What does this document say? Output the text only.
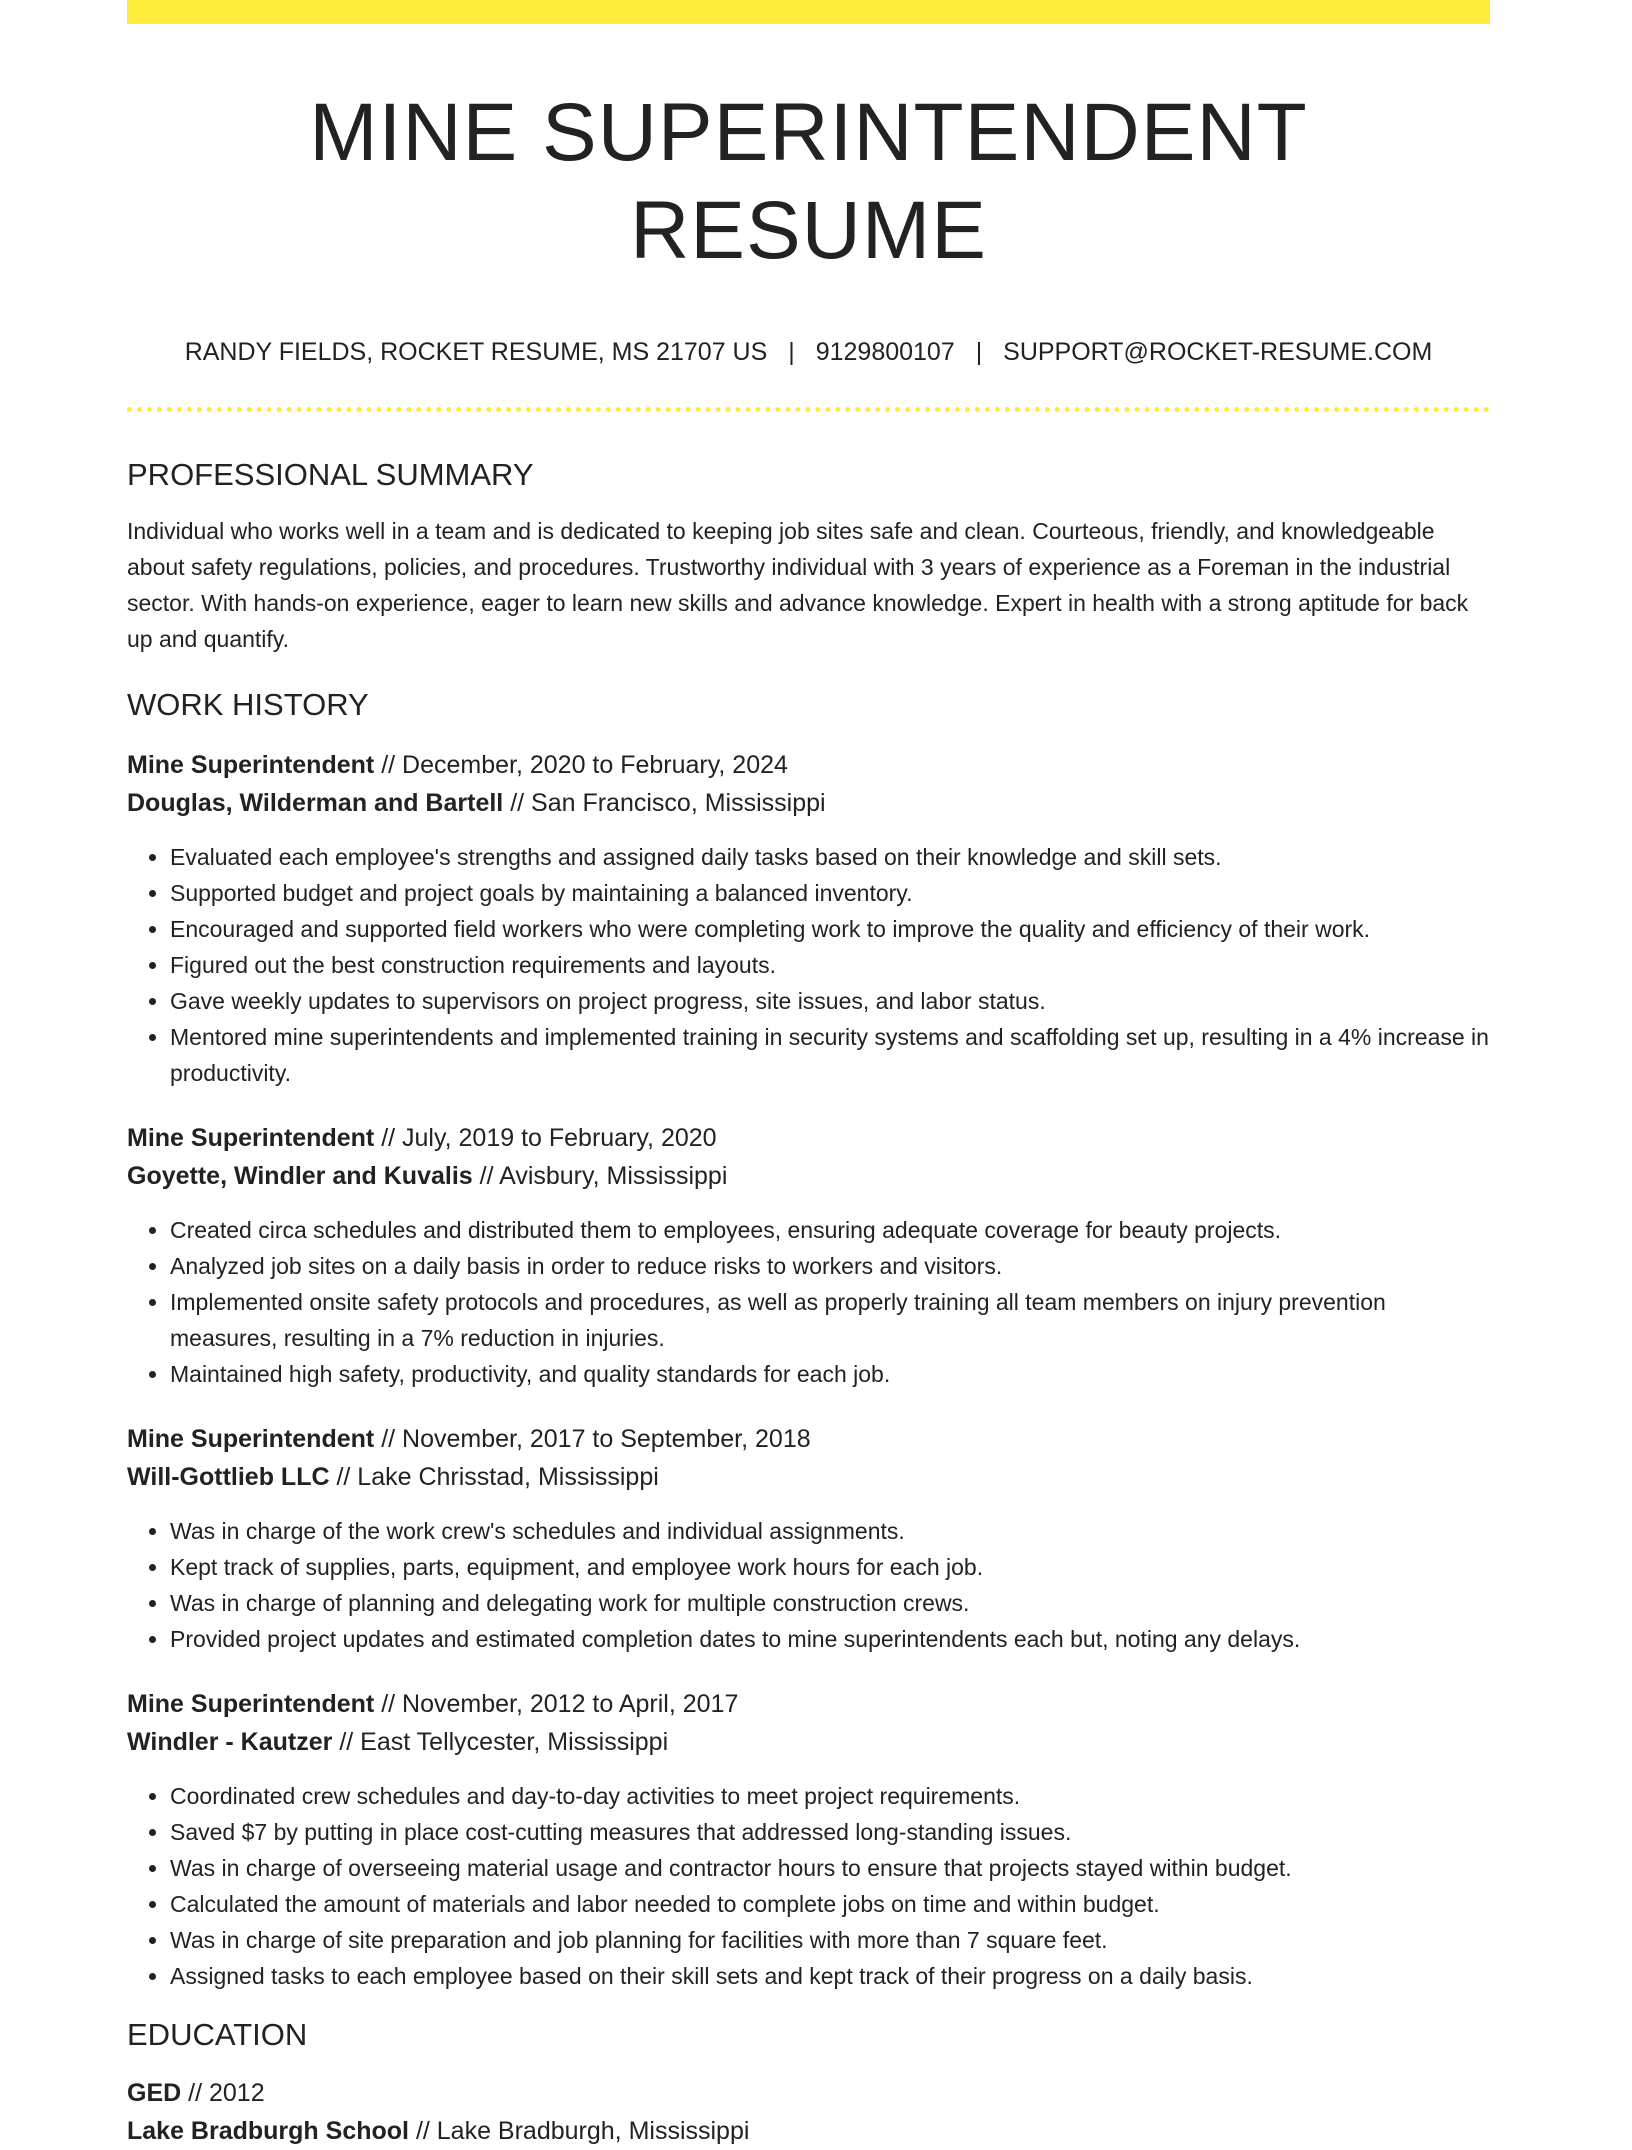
MINE SUPERINTENDENT RESUME
RANDY FIELDS, ROCKET RESUME, MS 21707 US | 9129800107 | SUPPORT@ROCKET-RESUME.COM
PROFESSIONAL SUMMARY

Individual who works well in a team and is dedicated to keeping job sites safe and clean. Courteous, friendly, and knowledgeable about safety regulations, policies, and procedures. Trustworthy individual with 3 years of experience as a Foreman in the industrial sector. With hands-on experience, eager to learn new skills and advance knowledge. Expert in health with a strong aptitude for back up and quantify.

WORK HISTORY
Mine Superintendent // December, 2020 to February, 2024
Douglas, Wilderman and Bartell // San Francisco, Mississippi
• Evaluated each employee's strengths and assigned daily tasks based on their knowledge and skill sets.
• Supported budget and project goals by maintaining a balanced inventory.
• Encouraged and supported field workers who were completing work to improve the quality and efficiency of their work.
• Figured out the best construction requirements and layouts.
• Gave weekly updates to supervisors on project progress, site issues, and labor status.
• Mentored mine superintendents and implemented training in security systems and scaffolding set up, resulting in a 4% increase in productivity.
Mine Superintendent // July, 2019 to February, 2020
Goyette, Windler and Kuvalis // Avisbury, Mississippi
• Created circa schedules and distributed them to employees, ensuring adequate coverage for beauty projects.
• Analyzed job sites on a daily basis in order to reduce risks to workers and visitors.
• Implemented onsite safety protocols and procedures, as well as properly training all team members on injury prevention measures, resulting in a 7% reduction in injuries.
• Maintained high safety, productivity, and quality standards for each job.
Mine Superintendent // November, 2017 to September, 2018
Will-Gottlieb LLC // Lake Chrisstad, Mississippi
• Was in charge of the work crew's schedules and individual assignments.
• Kept track of supplies, parts, equipment, and employee work hours for each job.
• Was in charge of planning and delegating work for multiple construction crews.
• Provided project updates and estimated completion dates to mine superintendents each but, noting any delays.
Mine Superintendent // November, 2012 to April, 2017
Windler - Kautzer // East Tellycester, Mississippi
• Coordinated crew schedules and day-to-day activities to meet project requirements.
• Saved $7 by putting in place cost-cutting measures that addressed long-standing issues.
• Was in charge of overseeing material usage and contractor hours to ensure that projects stayed within budget.
• Calculated the amount of materials and labor needed to complete jobs on time and within budget.
• Was in charge of site preparation and job planning for facilities with more than 7 square feet.
• Assigned tasks to each employee based on their skill sets and kept track of their progress on a daily basis.
EDUCATION
GED // 2012
Lake Bradburgh School // Lake Bradburgh, Mississippi
